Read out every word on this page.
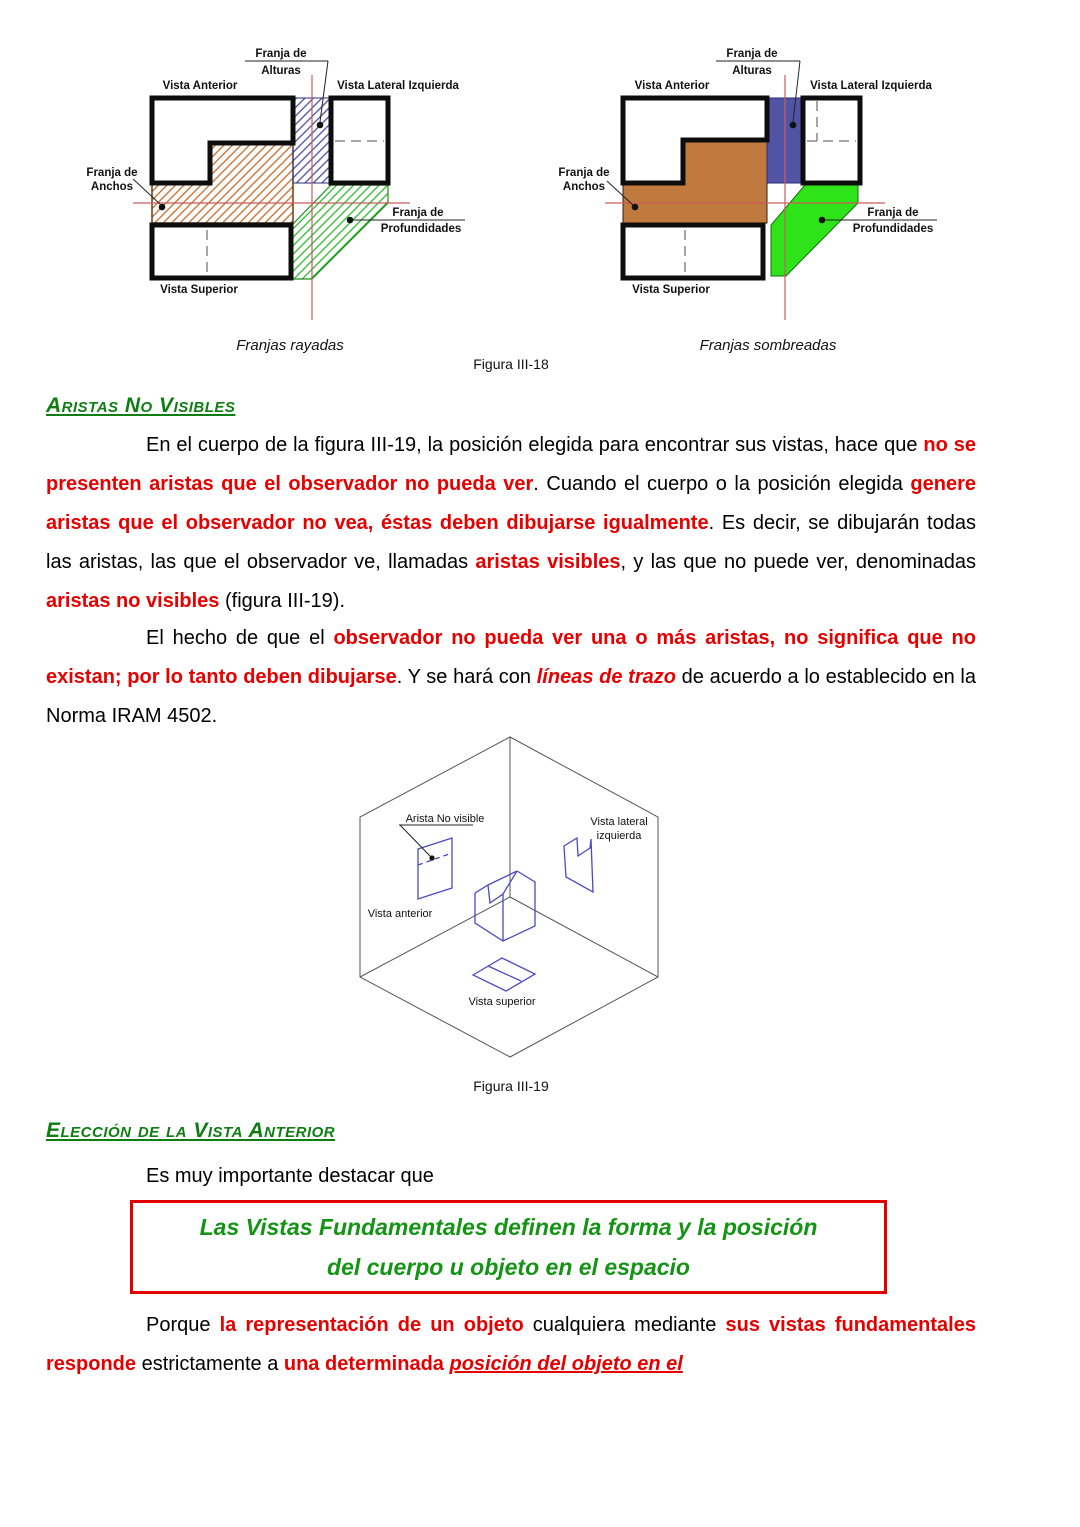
Vista Anterior	Vista Lateral Izquierda
Franja de
Alturas
Franja de
Anchos
Franja de
Profundidades
Vista Superior
Franjas rayadas
Vista Anterior	Vista Lateral Izquierda
Franja de
Alturas
Franja de
Anchos
Franja de
Profundidades
Vista Superior
Franjas sombreadas
Figura III-18
Aristas No Visibles
En el cuerpo de la figura III-19, la posición elegida para encontrar sus vistas, hace que no se presenten aristas que el observador no pueda ver. Cuando el cuerpo o la posición elegida genere aristas que el observador no vea, éstas deben dibujarse igualmente. Es decir, se dibujarán todas las aristas, las que el observador ve, llamadas aristas visibles, y las que no puede ver, denominadas aristas no visibles (figura III-19).
El hecho de que el observador no pueda ver una o más aristas, no significa que no existan; por lo tanto deben dibujarse. Y se hará con líneas de trazo de acuerdo a lo establecido en la Norma IRAM 4502.
Arista No visible	Vista lateral
izquierda
Vista anterior
Vista superior
Figura III-19
Elección de la Vista Anterior
Es muy importante destacar que
Las Vistas Fundamentales definen la forma y la posición
del cuerpo u objeto en el espacio
Porque la representación de un objeto cualquiera mediante sus vistas fundamentales responde estrictamente a una determinada posición del objeto en el
